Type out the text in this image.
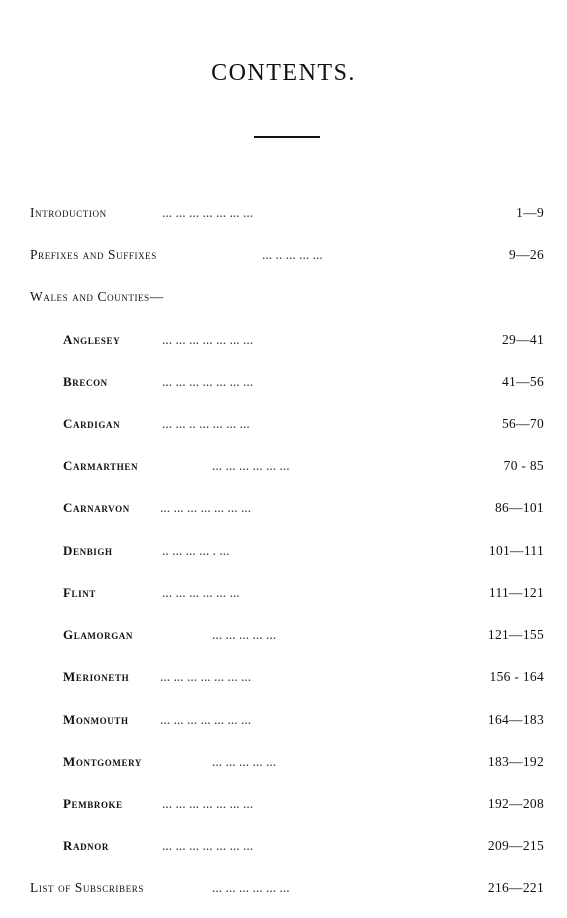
CONTENTS.
Introduction	... ... ... ... ... ... ...	1—9
Prefixes and Suffixes	... .. ... ... ...	9—26
Wales and Counties—
Anglesey	... ... ... ... ... ... ...	29—41
Brecon	... ... ... ... ... ... ...	41—56
Cardigan	... ... .. ... ... ... ...	56—70
Carmarthen	... ... ... ... ... ...	70 - 85
Carnarvon ... ... ... ... ... ... ...	86—101
Denbigh	.. ... ... ... . ...	101—111
Flint	... ... ... ... ... ...	111—121
Glamorgan	... ... ... ... ...	121—155
Merioneth ... ... ... ... ... ... ...	156 - 164
Monmouth ... ... ... ... ... ... ...	164—183
Montgomery	... ... ... ... ...	183—192
Pembroke	... ... ... ... ... ... ...	192—208
Radnor	... ... ... ... ... ... ...	209—215
List of Subscribers	... ... ... ... ... ...	216—221
